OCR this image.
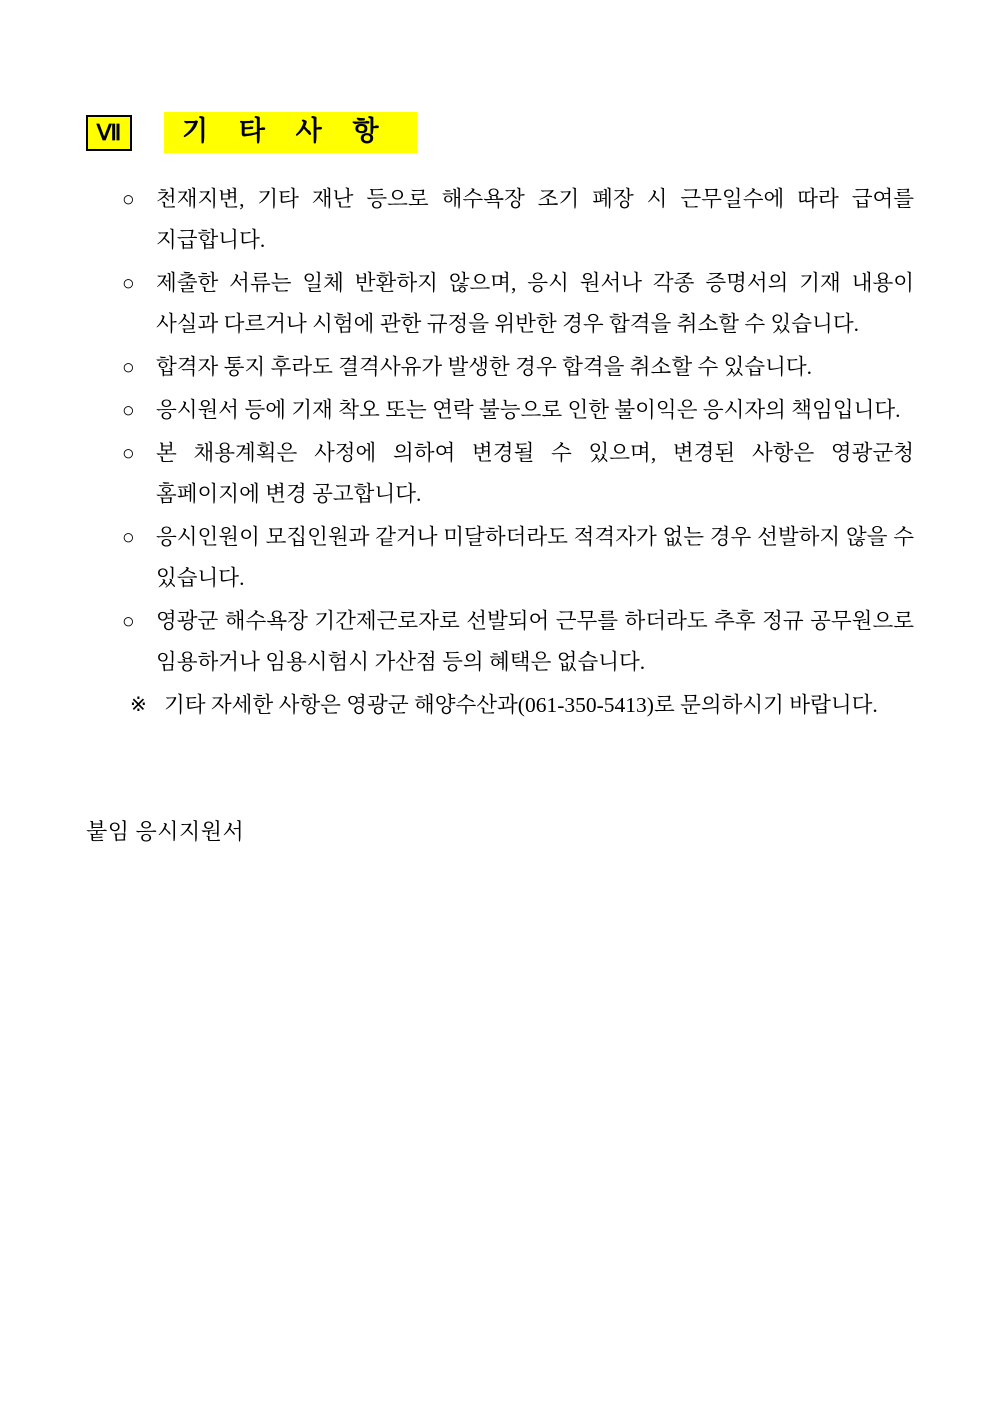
Ⅶ	기 타 사 항
○ 천재지변, 기타 재난 등으로 해수욕장 조기 폐장 시 근무일수에 따라 급여를 지급합니다.
○ 제출한 서류는 일체 반환하지 않으며, 응시 원서나 각종 증명서의 기재 내용이 사실과 다르거나 시험에 관한 규정을 위반한 경우 합격을 취소할 수 있습니다.
○ 합격자 통지 후라도 결격사유가 발생한 경우 합격을 취소할 수 있습니다.
○ 응시원서 등에 기재 착오 또는 연락 불능으로 인한 불이익은 응시자의 책임입니다.
○ 본 채용계획은 사정에 의하여 변경될 수 있으며, 변경된 사항은 영광군청 홈페이지에 변경 공고합니다.
○ 응시인원이 모집인원과 같거나 미달하더라도 적격자가 없는 경우 선발하지 않을 수 있습니다.
○ 영광군 해수욕장 기간제근로자로 선발되어 근무를 하더라도 추후 정규 공무원으로 임용하거나 임용시험시 가산점 등의 혜택은 없습니다.
※ 기타 자세한 사항은 영광군 해양수산과(061-350-5413)로 문의하시기 바랍니다.
붙임 응시지원서
